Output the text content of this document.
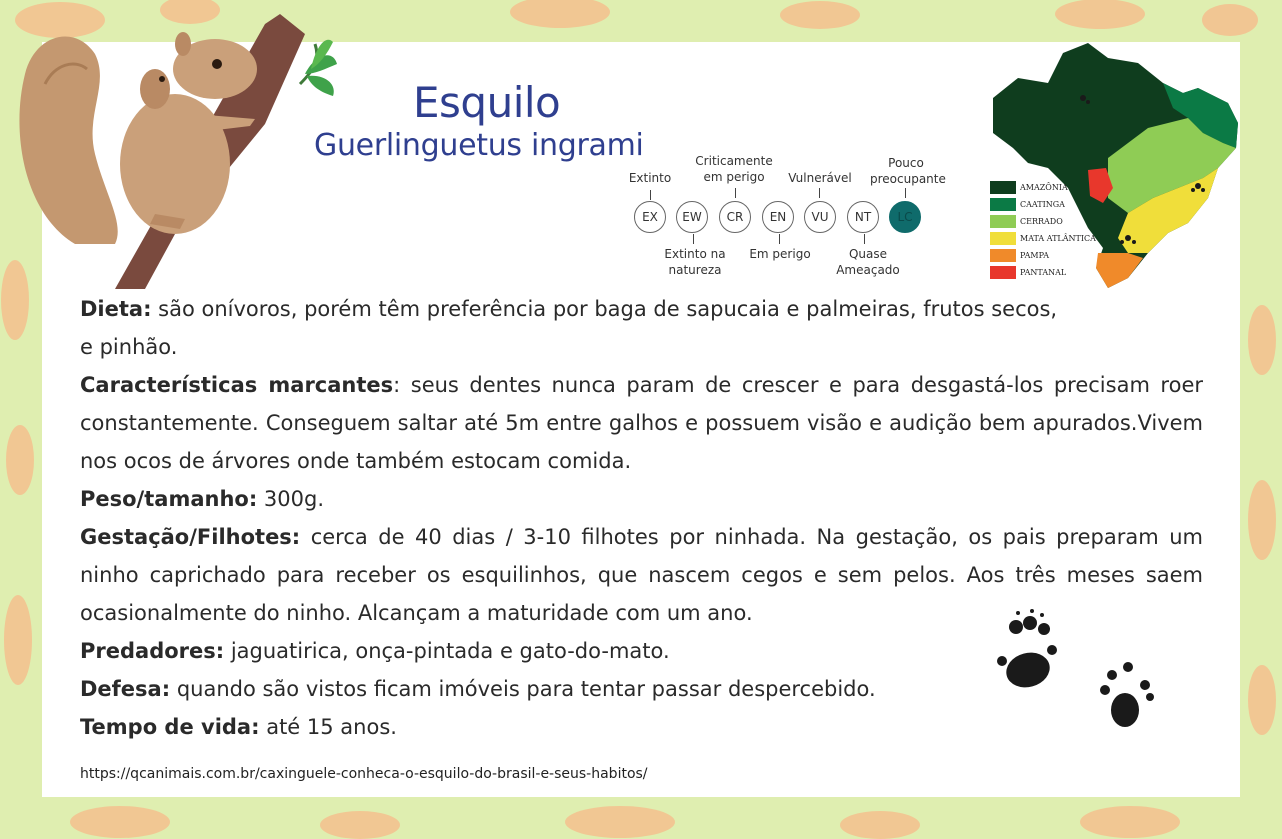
Esquilo
Guerlinguetus ingrami
Extinto
Criticamente
em perigo	Vulnerável
Pouco
preocupante
EX	EW	CR	EN	VU	NT	LC
Extinto na
natureza
Em perigo	Quase
Ameaçado
AMAZÔNIA
CAATINGA
CERRADO
MATA ATLÂNTICA
PAMPA
PANTANAL

Dieta: são onívoros, porém têm preferência por baga de sapucaia e palmeiras, frutos secos,
e pinhão.

Características marcantes: seus dentes nunca param de crescer e para desgastá-los precisam roer constantemente. Conseguem saltar até 5m entre galhos e possuem visão e audição bem apurados.Vivem nos ocos de árvores onde também estocam comida.

Peso/tamanho: 300g.

Gestação/Filhotes: cerca de 40 dias / 3-10 filhotes por ninhada. Na gestação, os pais preparam um ninho caprichado para receber os esquilinhos, que nascem cegos e sem pelos. Aos três meses saem ocasionalmente do ninho. Alcançam a maturidade com um ano.

Predadores: jaguatirica, onça-pintada e gato-do-mato.

Defesa: quando são vistos ficam imóveis para tentar passar despercebido.

Tempo de vida: até 15 anos.

https://qcanimais.com.br/caxinguele-conheca-o-esquilo-do-brasil-e-seus-habitos/
